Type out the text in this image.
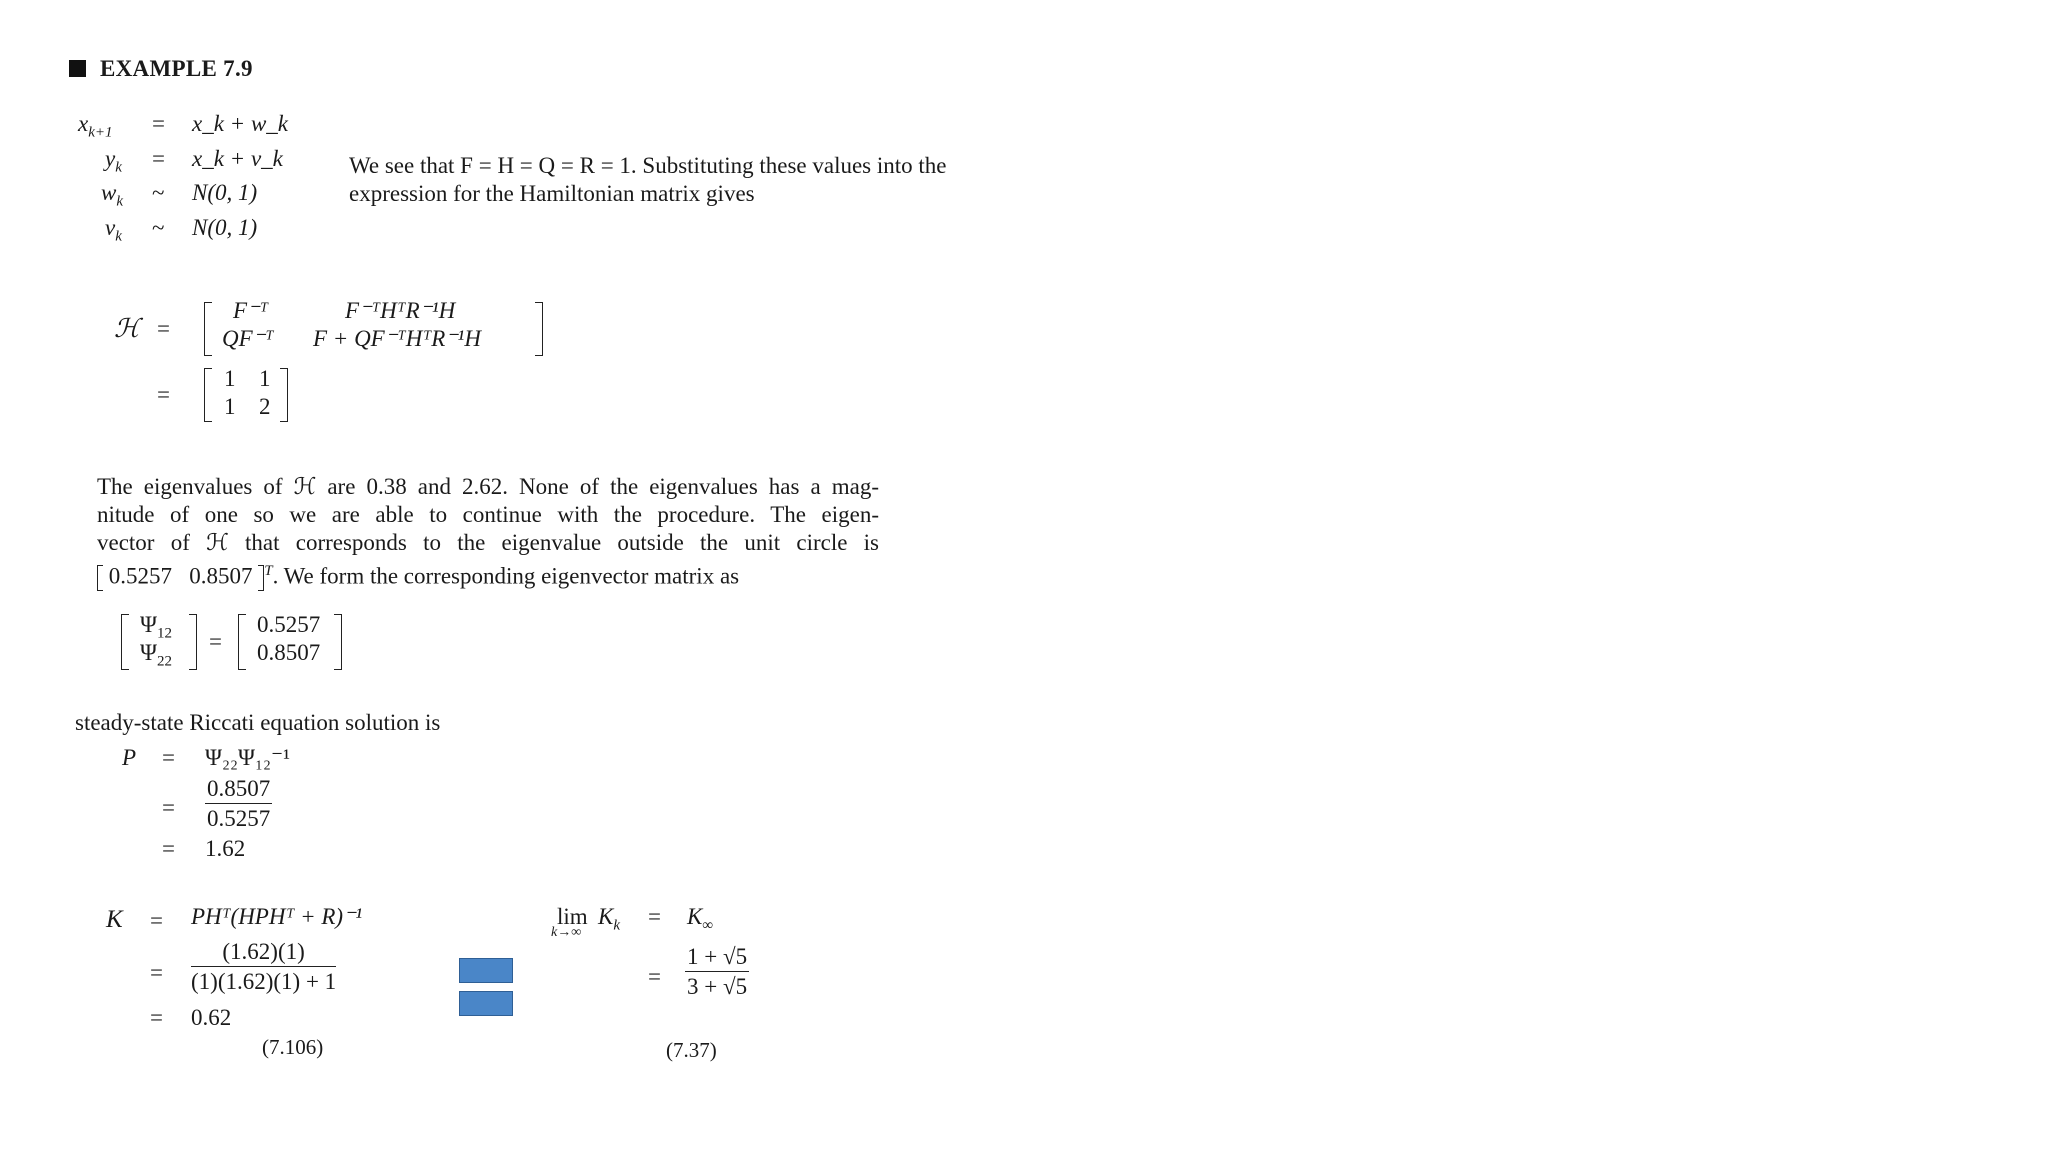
EXAMPLE 7.9
$x_{k+1}$ = x_k + w_k
$y_k$ = x_k + v_k
$w_k$ ~ N(0, 1)
$v_k$ ~ N(0, 1)
We see that F = H = Q = R = 1. Substituting these values into the
expression for the Hamiltonian matrix gives
ℋ =
F⁻ᵀ	F⁻ᵀHᵀR⁻¹H
QF⁻ᵀ F + QF⁻ᵀHᵀR⁻¹H
=
1 1
1 2
The eigenvalues of ℋ are 0.38 and 2.62. None of the eigenvalues has a mag-
nitude of one so we are able to continue with the procedure. The eigen-
vector of ℋ that corresponds to the eigenvalue outside the unit circle is
0.5257   0.8507 $^T$. We form the corresponding eigenvector matrix as
$\Psi_{12}$
$\Psi_{22}$
=
0.5257
0.8507
steady-state Riccati equation solution is
P = Ψ₂₂Ψ₁₂⁻¹
= $\frac{0.8507}{0.5257}$
= 1.62
K = PHᵀ(HPHᵀ + R)⁻¹
= $\frac{(1.62)(1)}{(1)(1.62)(1) + 1}$
= 0.62
(7.106)
lim
k→∞
$K_k = K_\infty$
= $\frac{1 + √5}{3 + √5}$
(7.37)
